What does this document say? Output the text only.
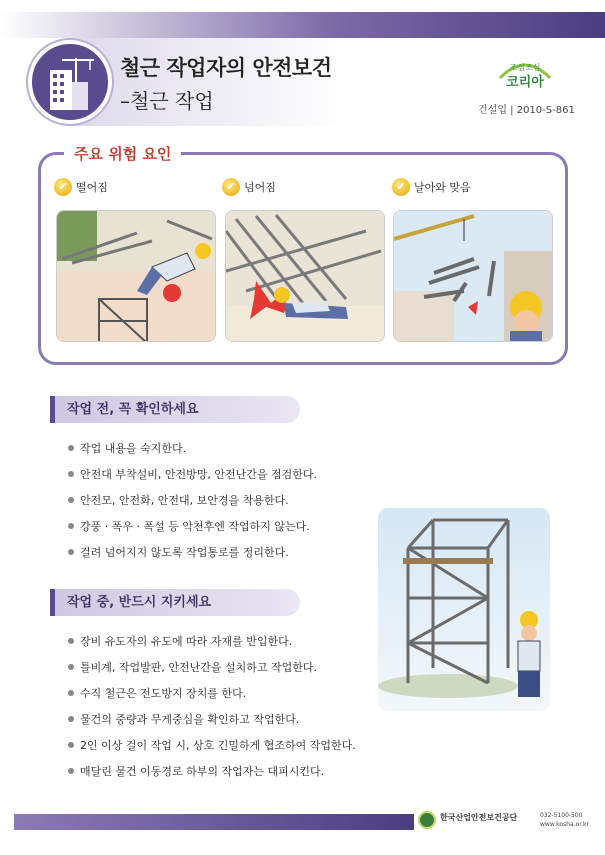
철근 작업자의 안전보건
–철근 작업
조심조심
코리아
건설업 | 2010-S-861
주요 위험 요인
✔ 떨어짐	✔ 넘어짐	✔ 날아와 맞음
작업 전, 꼭 확인하세요
작업 내용을 숙지한다.
안전대 부착설비, 안전방망, 안전난간을 점검한다.
안전모, 안전화, 안전대, 보안경을 착용한다.
강풍 · 폭우 · 폭설 등 악천후엔 작업하지 않는다.
걸려 넘어지지 않도록 작업통로를 정리한다.
작업 중, 반드시 지키세요
장비 유도자의 유도에 따라 자재를 반입한다.
틀비계, 작업발판, 안전난간을 설치하고 작업한다.
수직 철근은 전도방지 장치를 한다.
물건의 중량과 무게중심을 확인하고 작업한다.
2인 이상 걸이 작업 시, 상호 긴밀하게 협조하여 작업한다.
매달린 물건 이동경로 하부의 작업자는 대피시킨다.
한국산업안전보건공단	032-5100-500
www.kosha.or.kr
